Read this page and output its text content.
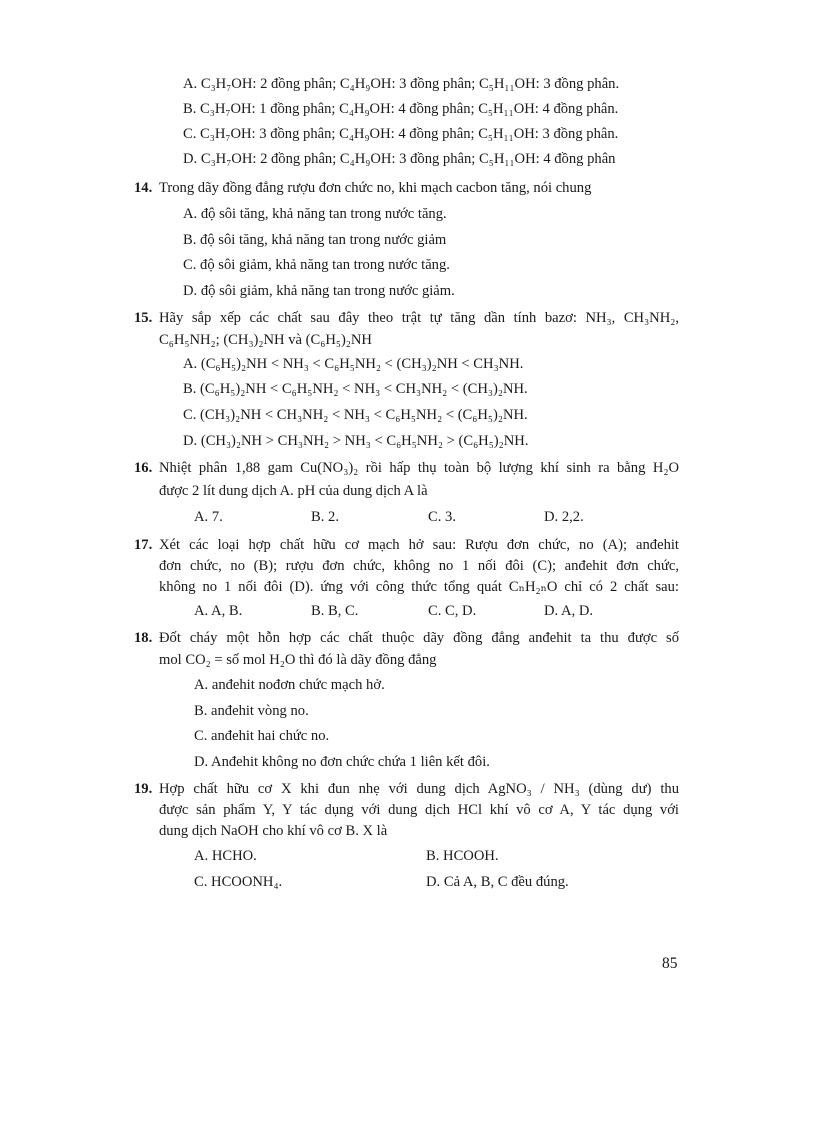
A. C₃H₇OH: 2 đồng phân; C₄H₉OH: 3 đồng phân; C₅H₁₁OH: 3 đồng phân.
B. C₃H₇OH: 1 đồng phân; C₄H₉OH: 4 đồng phân; C₅H₁₁OH: 4 đồng phân.
C. C₃H₇OH: 3 đồng phân; C₄H₉OH: 4 đồng phân; C₅H₁₁OH: 3 đồng phân.
D. C₃H₇OH: 2 đồng phân; C₄H₉OH: 3 đồng phân; C₅H₁₁OH: 4 đồng phân
14. Trong dãy đồng đẳng rượu đơn chức no, khi mạch cacbon tăng, nói chung
A. độ sôi tăng, khả năng tan trong nước tăng.
B. độ sôi tăng, khả năng tan trong nước giảm
C. độ sôi giảm, khả năng tan trong nước tăng.
D. độ sôi giảm, khả năng tan trong nước giảm.
15. Hãy sắp xếp các chất sau đây theo trật tự tăng dần tính bazơ: NH₃, CH₃NH₂,
C₆H₅NH₂; (CH₃)₂NH và (C₆H₅)₂NH
A. (C₆H₅)₂NH < NH₃ < C₆H₅NH₂ < (CH₃)₂NH < CH₃NH.
B. (C₆H₅)₂NH < C₆H₅NH₂ < NH₃ < CH₃NH₂ < (CH₃)₂NH.
C. (CH₃)₂NH < CH₃NH₂ < NH₃ < C₆H₅NH₂ < (C₆H₅)₂NH.
D. (CH₃)₂NH > CH₃NH₂ > NH₃ < C₆H₅NH₂ > (C₆H₅)₂NH.
16. Nhiệt phân 1,88 gam Cu(NO₃)₂ rồi hấp thụ toàn bộ lượng khí sinh ra bằng H₂O
được 2 lít dung dịch A. pH của dung dịch A là
A. 7.	B. 2.	C. 3.	D. 2,2.
17. Xét các loại hợp chất hữu cơ mạch hở sau: Rượu đơn chức, no (A); anđehit
đơn chức, no (B); rượu đơn chức, không no 1 nối đôi (C); anđehit đơn chức,
không no 1 nối đôi (D). ứng với công thức tổng quát CₙH₂ₙO chỉ có 2 chất sau:
A. A, B.	B. B, C.	C. C, D.	D. A, D.
18. Đốt cháy một hỗn hợp các chất thuộc dãy đồng đẳng anđehit ta thu được số
mol CO₂ = số mol H₂O thì đó là dãy đồng đẳng
A. anđehit nođơn chức mạch hở.
B. anđehit vòng no.
C. anđehit hai chức no.
D. Anđehit không no đơn chức chứa 1 liên kết đôi.
19. Hợp chất hữu cơ X khi đun nhẹ với dung dịch AgNO₃ / NH₃ (dùng dư) thu
được sản phẩm Y, Y tác dụng với dung dịch HCl khí vô cơ A, Y tác dụng với
dung dịch NaOH cho khí vô cơ B. X là
A. HCHO.	B. HCOOH.
C. HCOONH₄.	D. Cả A, B, C đều đúng.
85
